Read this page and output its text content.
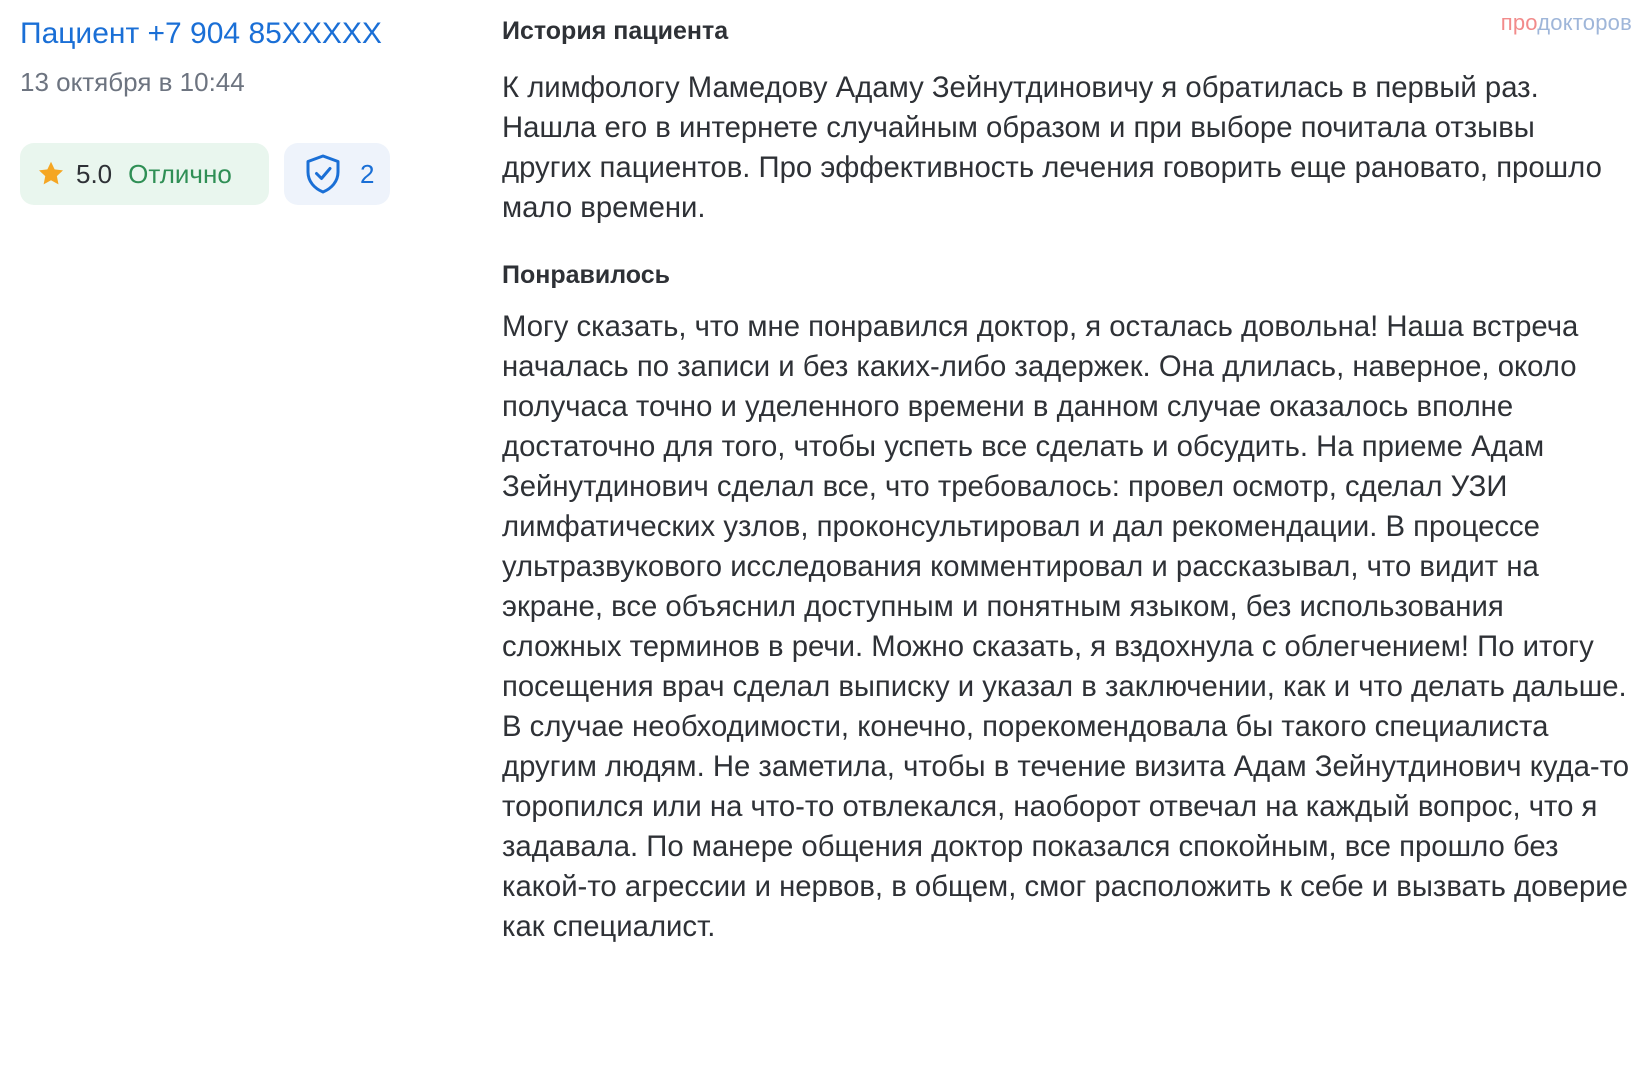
Пациент +7 904 85XXXXX
13 октября в 10:44
5.0 Отлично	2
История пациента

К лимфологу Мамедову Адаму Зейнутдиновичу я обратилась в первый раз. Нашла его в интернете случайным образом и при выборе почитала отзывы других пациентов. Про эффективность лечения говорить еще рановато, прошло мало времени.

Понравилось

Могу сказать, что мне понравился доктор, я осталась довольна! Наша встреча началась по записи и без каких-либо задержек. Она длилась, наверное, около получаса точно и уделенного времени в данном случае оказалось вполне достаточно для того, чтобы успеть все сделать и обсудить. На приеме Адам Зейнутдинович сделал все, что требовалось: провел осмотр, сделал УЗИ лимфатических узлов, проконсультировал и дал рекомендации. В процессе ультразвукового исследования комментировал и рассказывал, что видит на экране, все объяснил доступным и понятным языком, без использования сложных терминов в речи. Можно сказать, я вздохнула с облегчением! По итогу посещения врач сделал выписку и указал в заключении, как и что делать дальше. В случае необходимости, конечно, порекомендовала бы такого специалиста другим людям. Не заметила, чтобы в течение визита Адам Зейнутдинович куда-то торопился или на что-то отвлекался, наоборот отвечал на каждый вопрос, что я задавала. По манере общения доктор показался спокойным, все прошло без какой-то агрессии и нервов, в общем, смог расположить к себе и вызвать доверие как специалист.

продокторов
